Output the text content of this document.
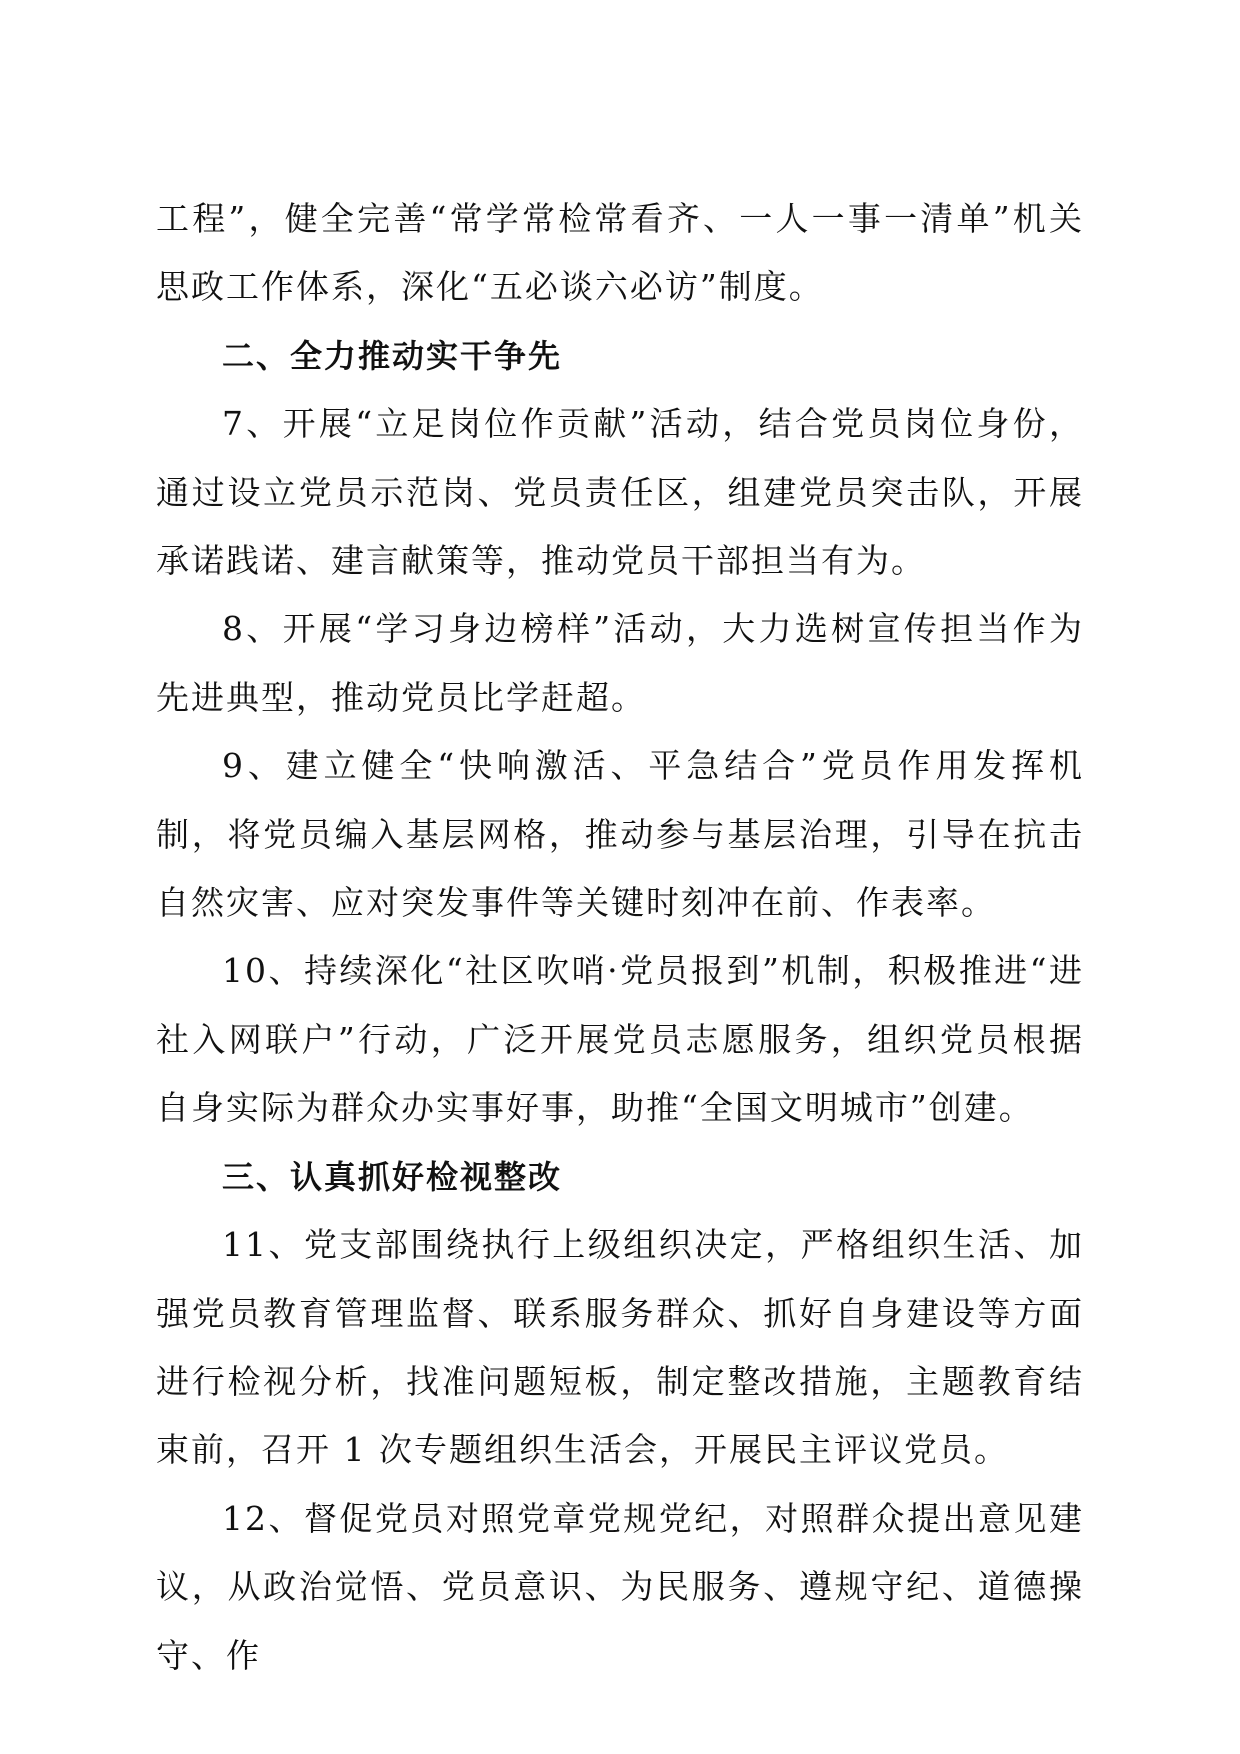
工程”，健全完善“常学常检常看齐、一人一事一清单”机关思政工作体系，深化“五必谈六必访”制度。

二、全力推动实干争先

7、开展“立足岗位作贡献”活动，结合党员岗位身份，通过设立党员示范岗、党员责任区，组建党员突击队，开展承诺践诺、建言献策等，推动党员干部担当有为。

8、开展“学习身边榜样”活动，大力选树宣传担当作为先进典型，推动党员比学赶超。

9、建立健全“快响激活、平急结合”党员作用发挥机制，将党员编入基层网格，推动参与基层治理，引导在抗击自然灾害、应对突发事件等关键时刻冲在前、作表率。

10、持续深化“社区吹哨·党员报到”机制，积极推进“进社入网联户”行动，广泛开展党员志愿服务，组织党员根据自身实际为群众办实事好事，助推“全国文明城市”创建。

三、认真抓好检视整改

11、党支部围绕执行上级组织决定，严格组织生活、加强党员教育管理监督、联系服务群众、抓好自身建设等方面进行检视分析，找准问题短板，制定整改措施，主题教育结束前，召开 1 次专题组织生活会，开展民主评议党员。

12、督促党员对照党章党规党纪，对照群众提出意见建议，从政治觉悟、党员意识、为民服务、遵规守纪、道德操守、作
